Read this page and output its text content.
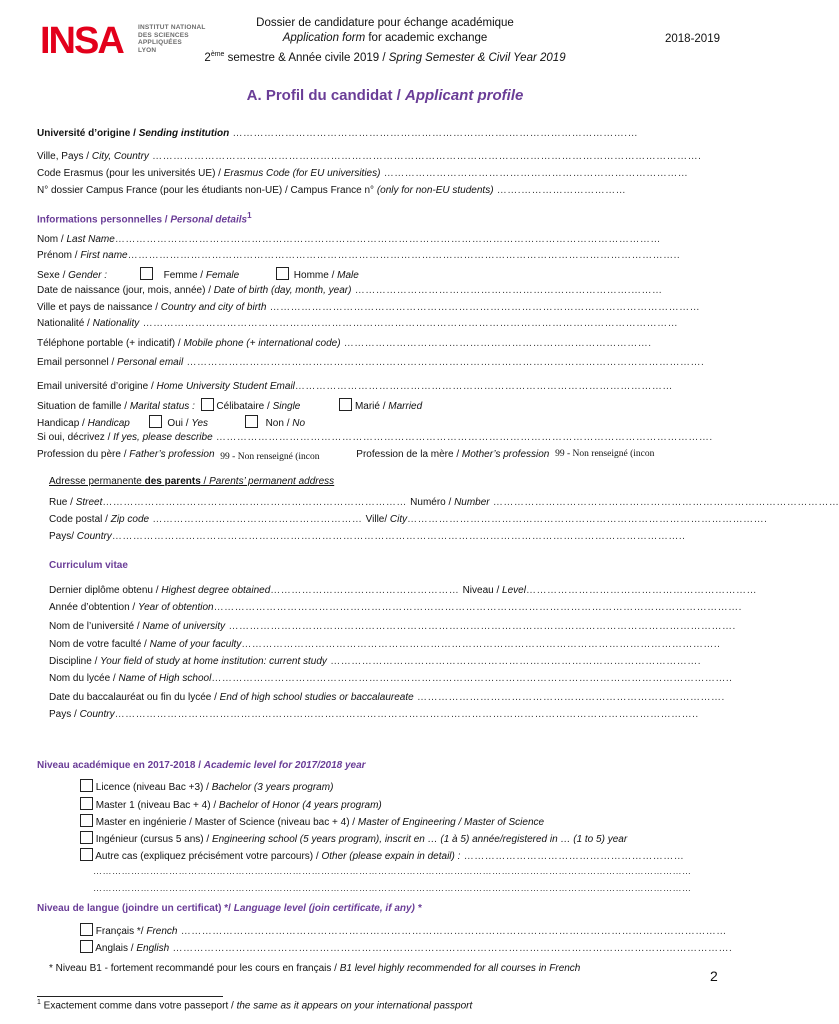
INSA INSTITUT NATIONAL
DES SCIENCES
APPLIQUÉES
LYON
Dossier de candidature pour échange académique
Application form for academic exchange
2ème semestre & Année civile 2019 / Spring Semester & Civil Year 2019
2018-2019
A. Profil du candidat / Applicant profile
Université d’origine / Sending institution …………………………………………………………………….…………………………….…
Ville, Pays / City, Country ………………………………………………………………………………………………………………………………………….
Code Erasmus (pour les universités UE) / Erasmus Code (for EU universities) ……………………………………………………………………………
N° dossier Campus France (pour les étudiants non-UE) / Campus France n° (only for non-EU students) …….…………………………
Informations personnelles / Personal details$^1$
Nom / Last Name…………………………………………………………………………………………………………………………………………
Prénom / First name…………………………………………………………………………………………………………………………………………..
Sexe / Gender :	Femme / Female	Homme / Male
Date de naissance (jour, mois, année) / Date of birth (day, month, year) …………………………………………………………………….………
Ville et pays de naissance / Country and city of birth ……………………………………………………………………………………………………………
Nationalité / Nationality ………………………………………………………………………………………………………………………………………
Téléphone portable (+ indicatif) / Mobile phone (+ international code) …………………………………………………………………………….
Email personnel / Personal email ………………………………………………………………………………………………………………………………….
Email université d’origine / Home University Student Email………………………………………………………………………………………………
Situation de famille / Marital status : Célibataire / Single	Marié / Married
Handicap / Handicap	Oui / Yes	Non / No
Si oui, décrivez / If yes, please describe …………………………………………………………………………………………………………………………….
Profession du père / Father’s profession 99 - Non renseigné (incon	Profession de la mère / Mother’s profession 99 - Non renseigné (incon
Adresse permanente des parents / Parents’ permanent address
Rue / Street…………………………………………………………………………… Numéro / Number ………………………………………………………………………………………
Code postal / Zip code …………………………………………………… Ville/ City………………………………………………………………………………………….
Pays/ Country………………………………………………………………………………………………………………………………………………..
Curriculum vitae
Dernier diplôme obtenu / Highest degree obtained……………………………………………… Niveau / Level…………………………………………………………
Année d’obtention / Year of obtention…………………………………………………………………………………………………………………………………….
Nom de l’université / Name of university ……………………………………………………………………………………………………………………………….
Nom de votre faculté / Name of your faculty………………………………………………………………………………………………………………………..
Discipline / Your field of study at home institution: current study …………………………………………………………………………………………….
Nom du lycée / Name of High school…………………………………………………………………………………………………………………………………..
Date du baccalauréat ou fin du lycée / End of high school studies or baccalaureate …………………………………………………………………………….
Pays / Country…………………………………………………………………………………………………………………………………………………..
Niveau académique en 2017-2018 / Academic level for 2017/2018 year
Licence (niveau Bac +3) / Bachelor (3 years program)
Master 1 (niveau Bac + 4) / Bachelor of Honor (4 years program)
Master en ingénierie / Master of Science (niveau bac + 4) / Master of Engineering / Master of Science
Ingénieur (cursus 5 ans) / Engineering school (5 years program), inscrit en … (1 à 5) année/registered in … (1 to 5) year
Autre cas (expliquez précisément votre parcours) / Other (please expain in detail) : ………………………………………………………
………………………………………………………………………………………………………………………………………………………………………
………………………………………………………………………………………………………………………………………………………………………
Niveau de langue (joindre un certificat) */ Language level (join certificate, if any) *
Français */ French …………………………………………………………………………………………………………………………………………
Anglais / English …………………………………………………………………………………………………………………………………………….
* Niveau B1 - fortement recommandé pour les cours en français / B1 level highly recommended for all courses in French	2
$^1$ Exactement comme dans votre passeport / the same as it appears on your international passport
